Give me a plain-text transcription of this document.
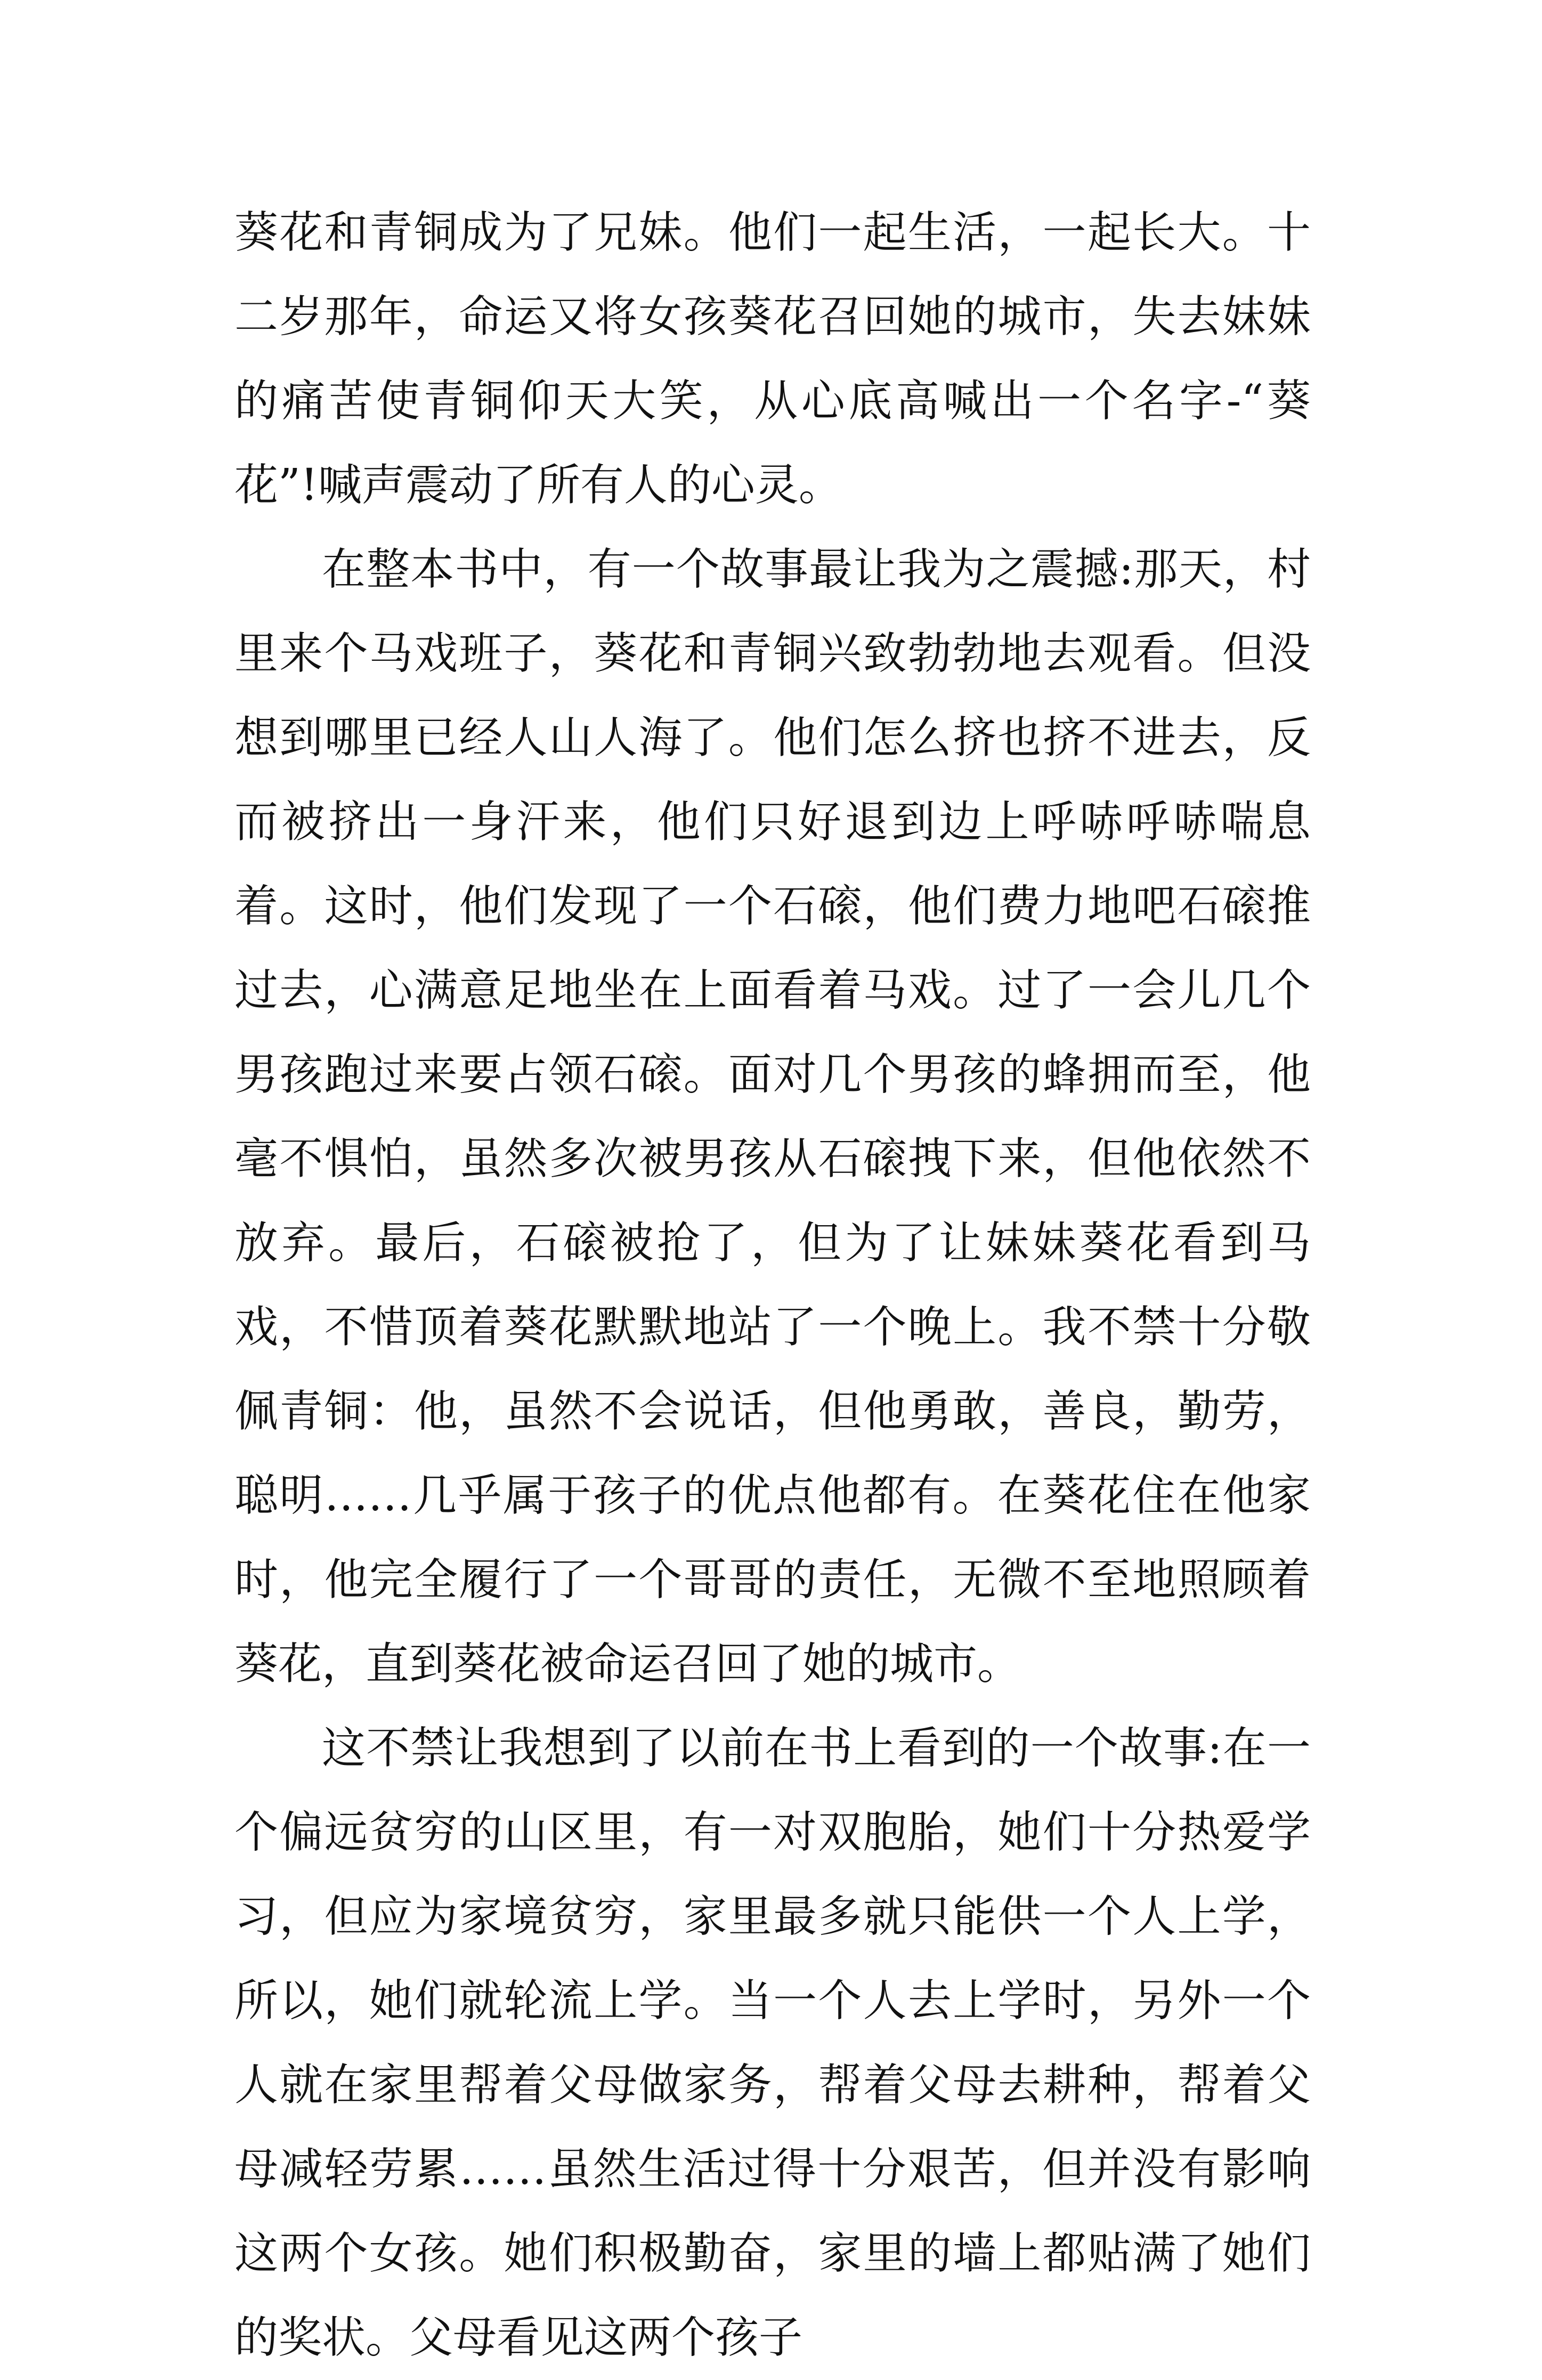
葵花和青铜成为了兄妹。他们一起生活，一起长大。十二岁那年，命运又将女孩葵花召回她的城市，失去妹妹的痛苦使青铜仰天大笑，从心底高喊出一个名字-“葵花”!喊声震动了所有人的心灵。

在整本书中，有一个故事最让我为之震撼:那天，村里来个马戏班子，葵花和青铜兴致勃勃地去观看。但没想到哪里已经人山人海了。他们怎么挤也挤不进去，反而被挤出一身汗来，他们只好退到边上呼哧呼哧喘息着。这时，他们发现了一个石磙，他们费力地吧石磙推过去，心满意足地坐在上面看着马戏。过了一会儿几个男孩跑过来要占领石磙。面对几个男孩的蜂拥而至，他毫不惧怕，虽然多次被男孩从石磙拽下来，但他依然不放弃。最后，石磙被抢了，但为了让妹妹葵花看到马戏，不惜顶着葵花默默地站了一个晚上。我不禁十分敬佩青铜：他，虽然不会说话，但他勇敢，善良，勤劳，聪明……几乎属于孩子的优点他都有。在葵花住在他家时，他完全履行了一个哥哥的责任，无微不至地照顾着葵花，直到葵花被命运召回了她的城市。

这不禁让我想到了以前在书上看到的一个故事:在一个偏远贫穷的山区里，有一对双胞胎，她们十分热爱学习，但应为家境贫穷，家里最多就只能供一个人上学，所以，她们就轮流上学。当一个人去上学时，另外一个人就在家里帮着父母做家务，帮着父母去耕种，帮着父母减轻劳累……虽然生活过得十分艰苦，但并没有影响这两个女孩。她们积极勤奋，家里的墙上都贴满了她们的奖状。父母看见这两个孩子
